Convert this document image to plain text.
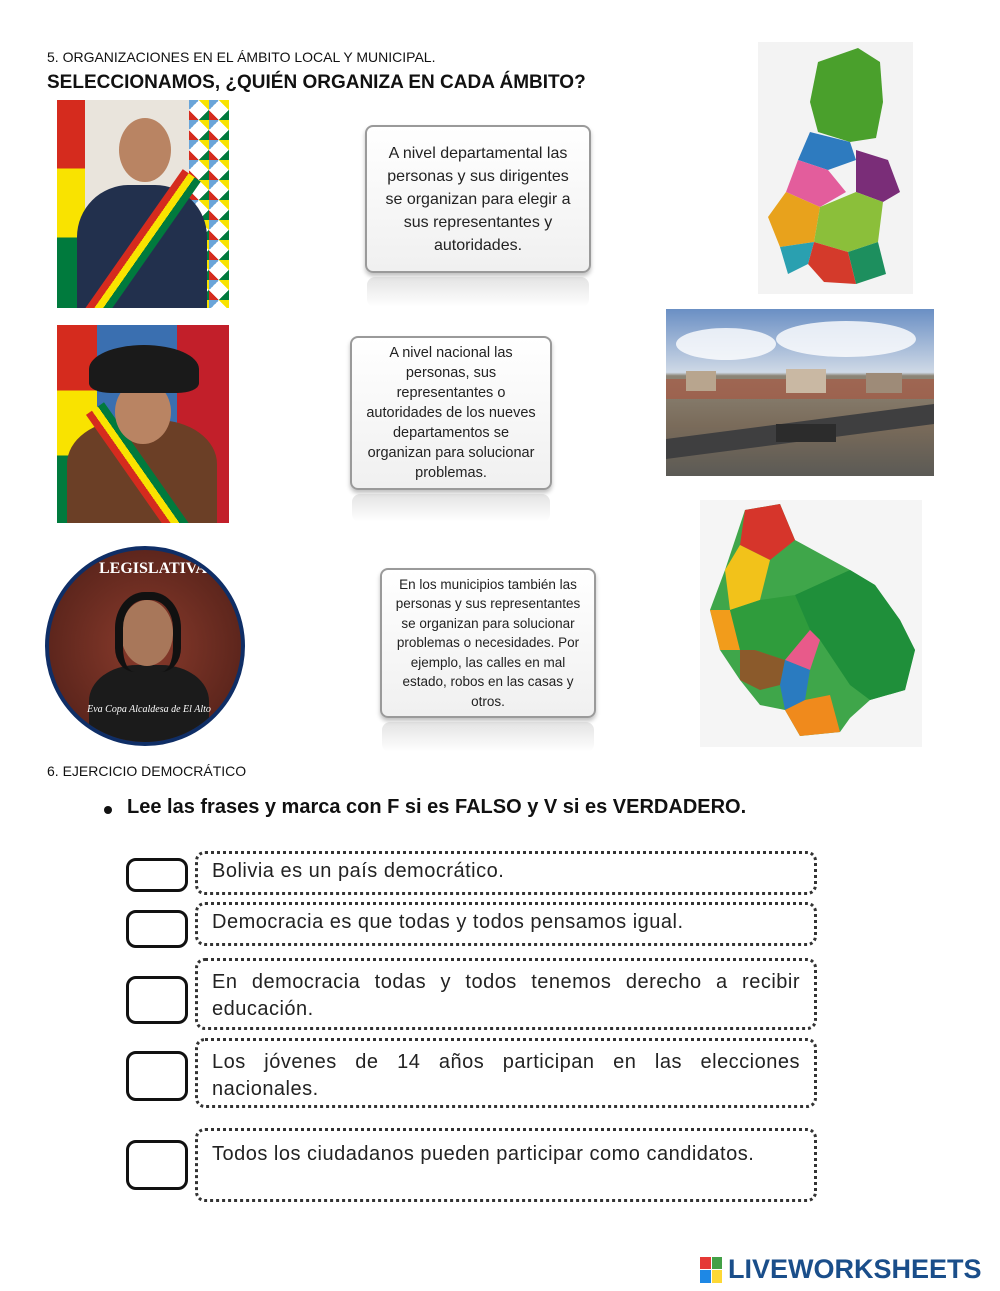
5. ORGANIZACIONES EN EL ÁMBITO LOCAL Y MUNICIPAL.
SELECCIONAMOS, ¿QUIÉN ORGANIZA EN CADA ÁMBITO?
LEGISLATIVA
Eva Copa Alcaldesa de El Alto
A nivel departamental las personas y sus dirigentes se organizan para elegir a sus representantes y autoridades.
A nivel nacional las personas, sus representantes o autoridades de los nueves departamentos se organizan para solucionar problemas.
En los municipios también las personas y sus representantes se organizan para solucionar problemas o necesidades. Por ejemplo, las calles en mal estado, robos en las casas y otros.
6. EJERCICIO DEMOCRÁTICO
Lee las frases y marca con F si es FALSO y V si es VERDADERO.
Bolivia es un país democrático.
Democracia es que todas y todos pensamos igual.
En democracia todas y todos tenemos derecho a recibir educación.
Los jóvenes de 14 años participan en las elecciones nacionales.
Todos los ciudadanos pueden participar como candidatos.
LIVEWORKSHEETS
